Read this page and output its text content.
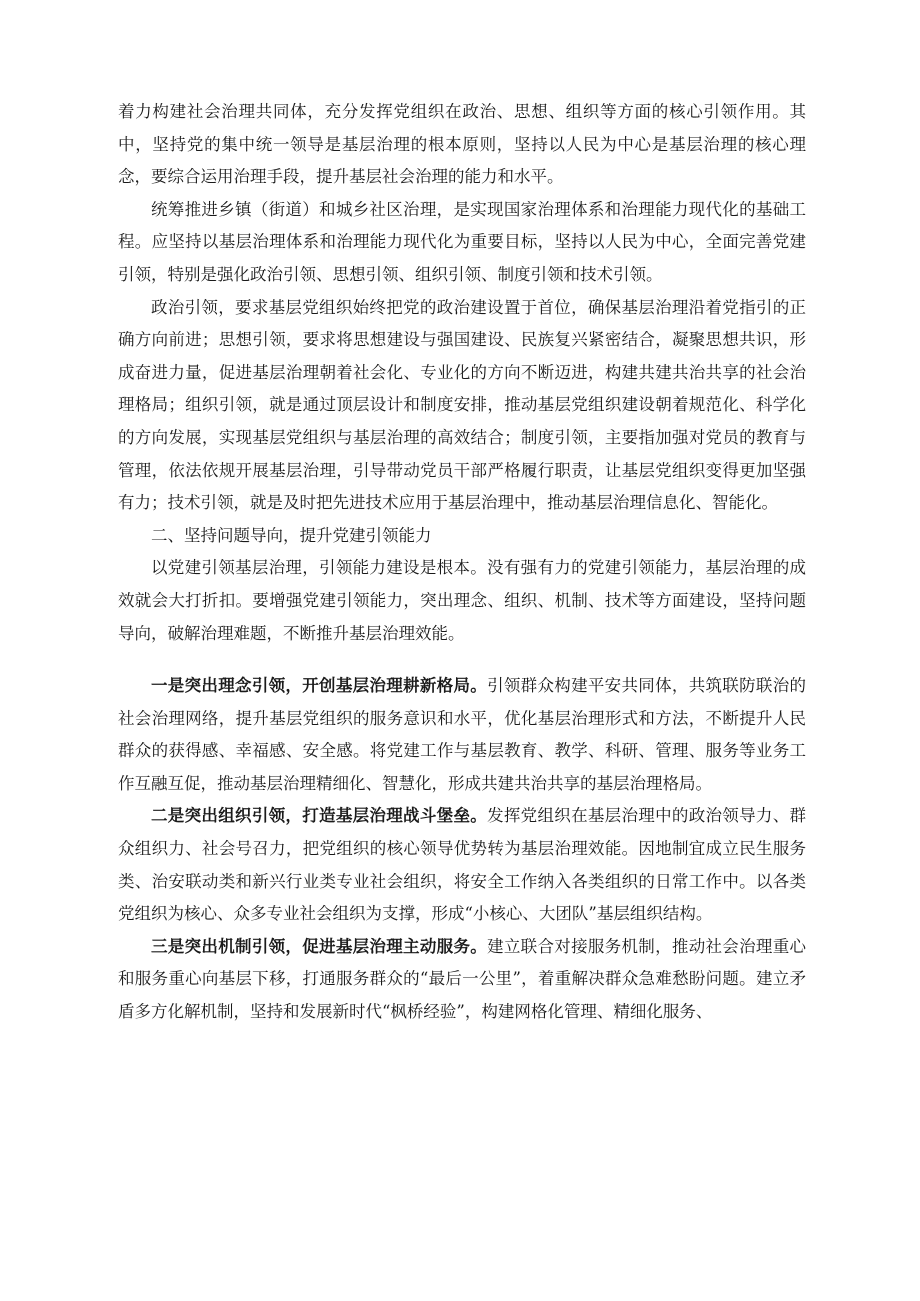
着力构建社会治理共同体，充分发挥党组织在政治、思想、组织等方面的核心引领作用。其中，坚持党的集中统一领导是基层治理的根本原则，坚持以人民为中心是基层治理的核心理念，要综合运用治理手段，提升基层社会治理的能力和水平。

统筹推进乡镇（街道）和城乡社区治理，是实现国家治理体系和治理能力现代化的基础工程。应坚持以基层治理体系和治理能力现代化为重要目标，坚持以人民为中心，全面完善党建引领，特别是强化政治引领、思想引领、组织引领、制度引领和技术引领。

政治引领，要求基层党组织始终把党的政治建设置于首位，确保基层治理沿着党指引的正确方向前进；思想引领，要求将思想建设与强国建设、民族复兴紧密结合，凝聚思想共识，形成奋进力量，促进基层治理朝着社会化、专业化的方向不断迈进，构建共建共治共享的社会治理格局；组织引领，就是通过顶层设计和制度安排，推动基层党组织建设朝着规范化、科学化的方向发展，实现基层党组织与基层治理的高效结合；制度引领，主要指加强对党员的教育与管理，依法依规开展基层治理，引导带动党员干部严格履行职责，让基层党组织变得更加坚强有力；技术引领，就是及时把先进技术应用于基层治理中，推动基层治理信息化、智能化。

二、坚持问题导向，提升党建引领能力

以党建引领基层治理，引领能力建设是根本。没有强有力的党建引领能力，基层治理的成效就会大打折扣。要增强党建引领能力，突出理念、组织、机制、技术等方面建设，坚持问题导向，破解治理难题，不断推升基层治理效能。

一是突出理念引领，开创基层治理耕新格局。引领群众构建平安共同体，共筑联防联治的社会治理网络，提升基层党组织的服务意识和水平，优化基层治理形式和方法，不断提升人民群众的获得感、幸福感、安全感。将党建工作与基层教育、教学、科研、管理、服务等业务工作互融互促，推动基层治理精细化、智慧化，形成共建共治共享的基层治理格局。

二是突出组织引领，打造基层治理战斗堡垒。发挥党组织在基层治理中的政治领导力、群众组织力、社会号召力，把党组织的核心领导优势转为基层治理效能。因地制宜成立民生服务类、治安联动类和新兴行业类专业社会组织，将安全工作纳入各类组织的日常工作中。以各类党组织为核心、众多专业社会组织为支撑，形成“小核心、大团队”基层组织结构。

三是突出机制引领，促进基层治理主动服务。建立联合对接服务机制，推动社会治理重心和服务重心向基层下移，打通服务群众的“最后一公里”，着重解决群众急难愁盼问题。建立矛盾多方化解机制，坚持和发展新时代“枫桥经验”，构建网格化管理、精细化服务、
